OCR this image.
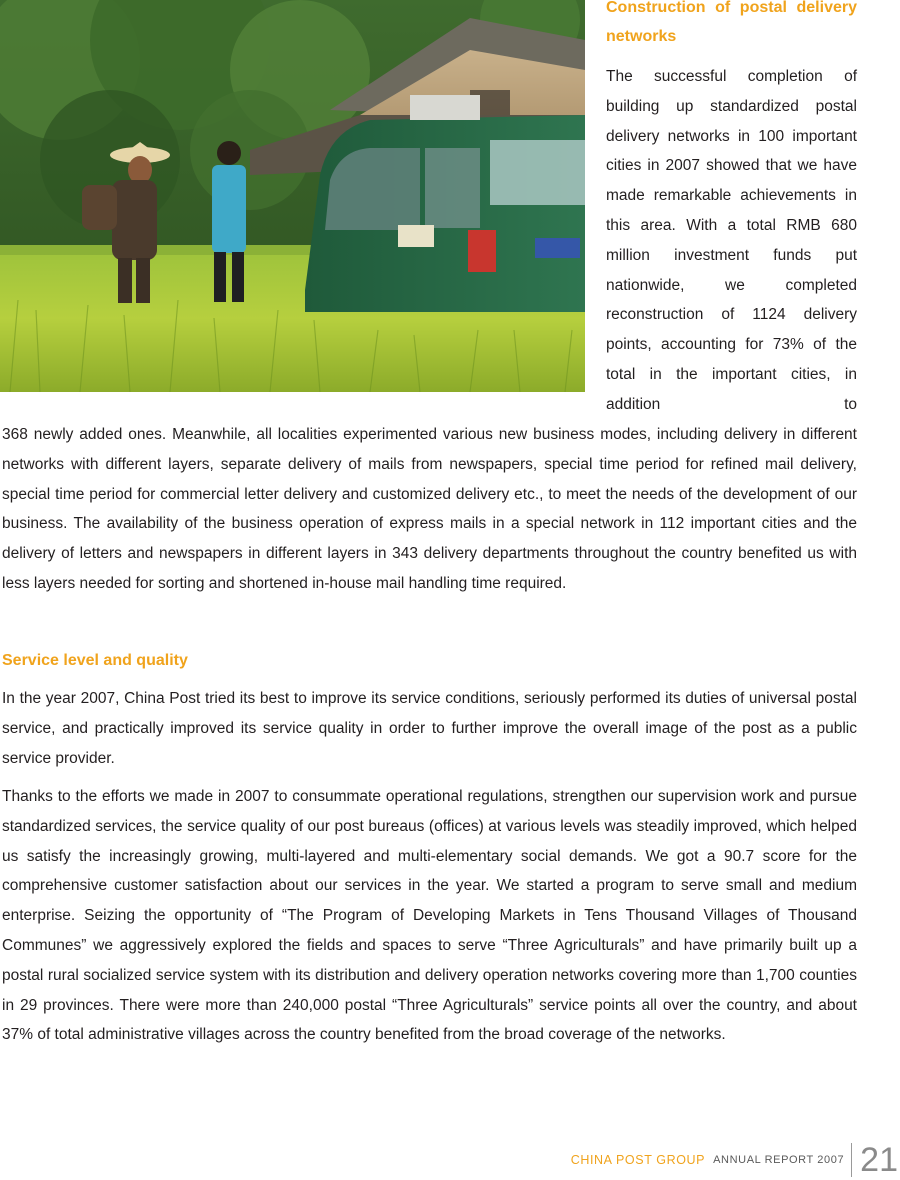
Construction of postal delivery networks

The successful completion of building up standardized postal delivery networks in 100 important cities in 2007 showed that we have made remarkable achievements in this area. With a total RMB 680 million investment funds put nationwide, we completed reconstruction of 1124 delivery points, accounting for 73% of the total in the important cities, in addition to

368 newly added ones. Meanwhile, all localities experimented various new business modes, including delivery in different networks with different layers, separate delivery of mails from newspapers, special time period for refined mail delivery, special time period for commercial letter delivery and customized delivery etc., to meet the needs of the development of our business. The availability of the business operation of express mails in a special network in 112 important cities and the delivery of letters and newspapers in different layers in 343 delivery departments throughout the country benefited us with less layers needed for sorting and shortened in-house mail handling time required.

Service level and quality

In the year 2007, China Post tried its best to improve its service conditions, seriously performed its duties of universal postal service, and practically improved its service quality in order to further improve the overall image of the post as a public service provider.

Thanks to the efforts we made in 2007 to consummate operational regulations, strengthen our supervision work and pursue standardized services, the service quality of our post bureaus (offices) at various levels was steadily improved, which helped us satisfy the increasingly growing, multi-layered and multi-elementary social demands. We got a 90.7 score for the comprehensive customer satisfaction about our services in the year. We started a program to serve small and medium enterprise. Seizing the opportunity of “The Program of Developing Markets in Tens Thousand Villages of Thousand Communes” we aggressively explored the fields and spaces to serve “Three Agriculturals” and have primarily built up a postal rural socialized service system with its distribution and delivery operation networks covering more than 1,700 counties in 29 provinces. There were more than 240,000 postal “Three Agriculturals” service points all over the country, and about 37% of total administrative villages across the country benefited from the broad coverage of the networks.

CHINA POST GROUP ANNUAL REPORT 2007 21
